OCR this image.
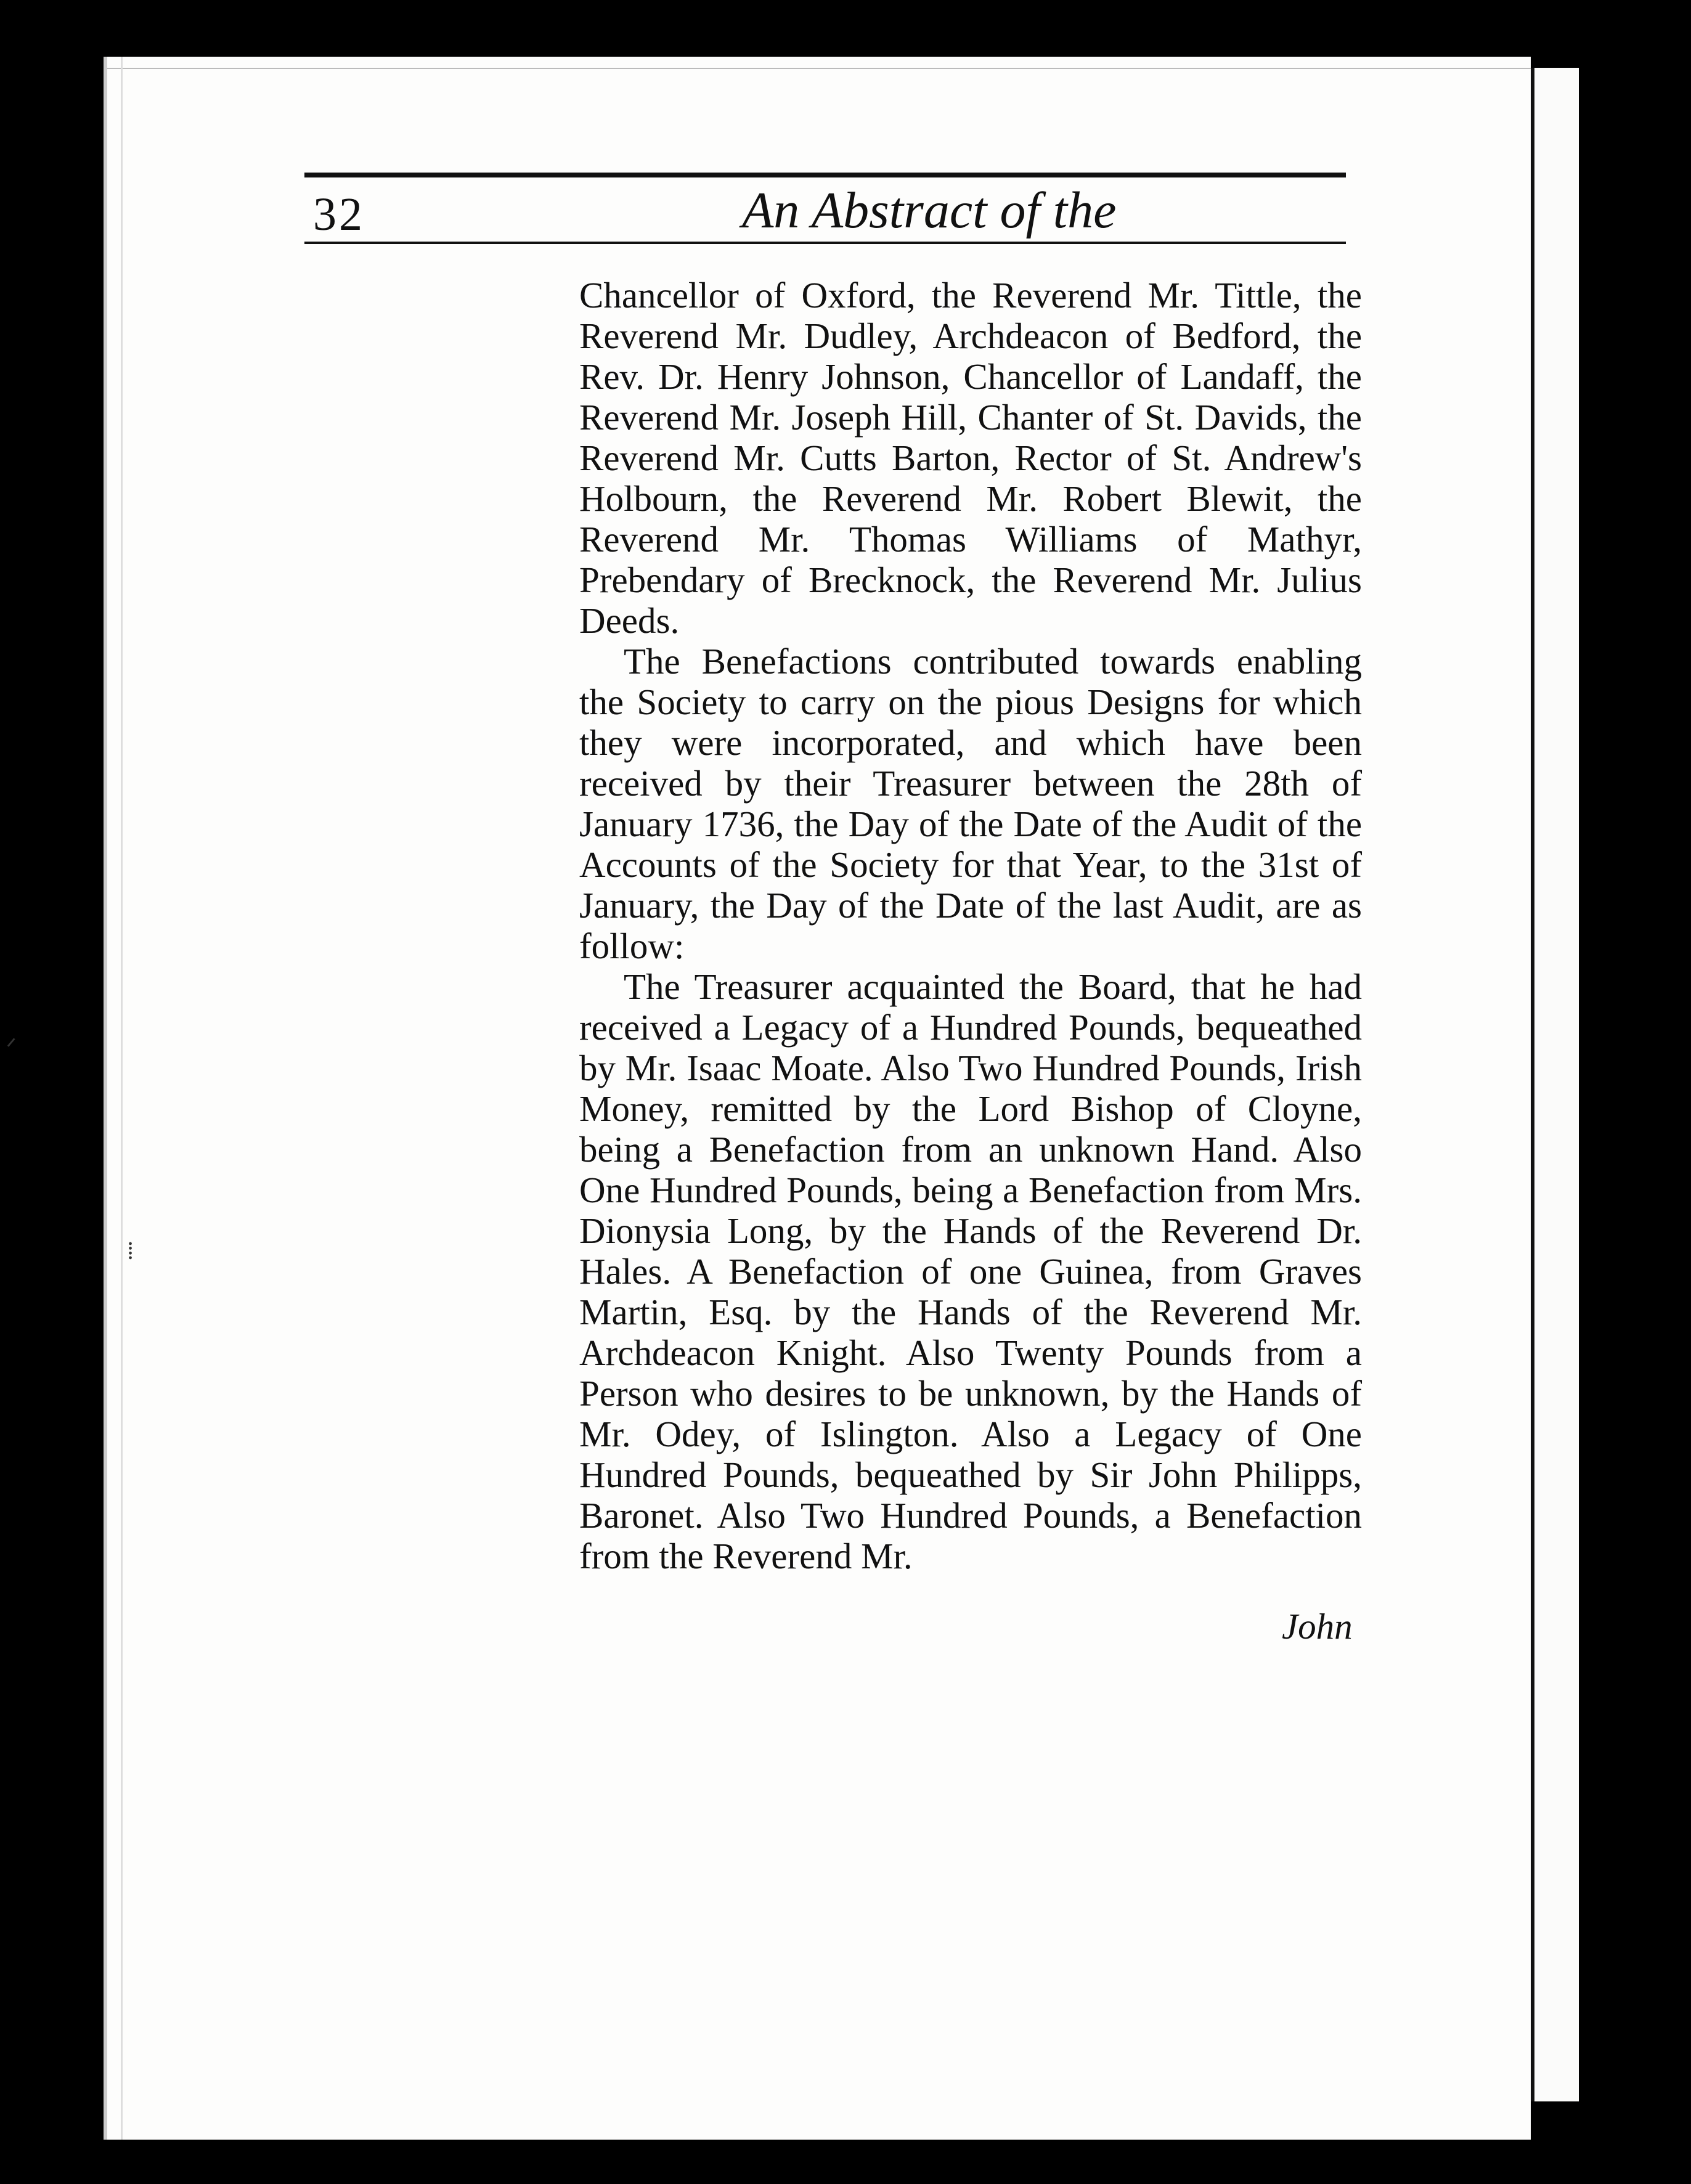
32	An Abstract of the

Chancellor of Oxford, the Reverend Mr. Tittle, the Reverend Mr. Dudley, Archdeacon of Bedford, the Rev. Dr. Henry Johnson, Chancellor of Landaff, the Reverend Mr. Joseph Hill, Chanter of St. Davids, the Reverend Mr. Cutts Barton, Rector of St. Andrew's Holbourn, the Reverend Mr. Robert Blewit, the Reverend Mr. Thomas Williams of Mathyr, Prebendary of Brecknock, the Reverend Mr. Julius Deeds.

The Benefactions contributed towards enabling the Society to carry on the pious Designs for which they were incorporated, and which have been received by their Treasurer between the 28th of January 1736, the Day of the Date of the Audit of the Accounts of the Society for that Year, to the 31st of January, the Day of the Date of the last Audit, are as follow:

The Treasurer acquainted the Board, that he had received a Legacy of a Hundred Pounds, bequeathed by Mr. Isaac Moate. Also Two Hundred Pounds, Irish Money, remitted by the Lord Bishop of Cloyne, being a Benefaction from an unknown Hand. Also One Hundred Pounds, being a Benefaction from Mrs. Dionysia Long, by the Hands of the Reverend Dr. Hales. A Benefaction of one Guinea, from Graves Martin, Esq. by the Hands of the Reverend Mr. Archdeacon Knight. Also Twenty Pounds from a Person who desires to be unknown, by the Hands of Mr. Odey, of Islington. Also a Legacy of One Hundred Pounds, bequeathed by Sir John Philipps, Baronet. Also Two Hundred Pounds, a Benefaction from the Reverend Mr.

John
ᐟ
⁞
